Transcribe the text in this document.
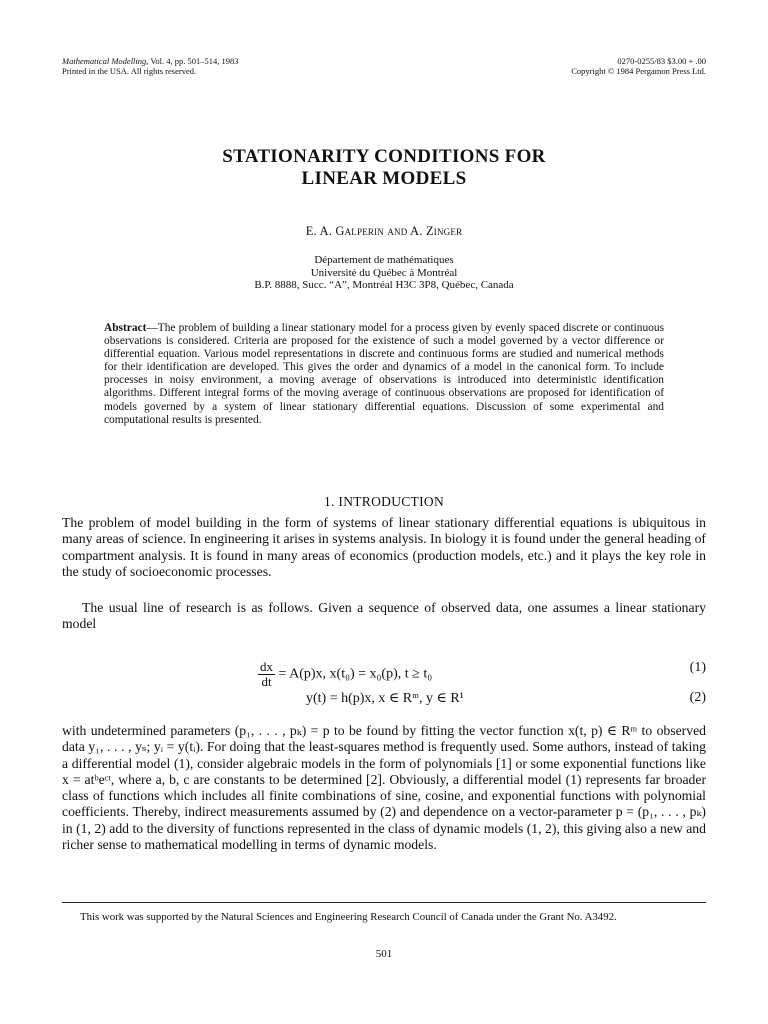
Mathematical Modelling, Vol. 4, pp. 501–514, 1983
Printed in the USA. All rights reserved.
0270-0255/83 $3.00 + .00
Copyright © 1984 Pergamon Press Ltd.
STATIONARITY CONDITIONS FOR
LINEAR MODELS
E. A. Galperin and A. Zinger
Département de mathématiques
Université du Québec à Montréal
B.P. 8888, Succ. “A”, Montréal H3C 3P8, Québec, Canada
Abstract—The problem of building a linear stationary model for a process given by evenly spaced discrete or continuous observations is considered. Criteria are proposed for the existence of such a model governed by a vector difference or differential equation. Various model representations in discrete and continuous forms are studied and numerical methods for their identification are developed. This gives the order and dynamics of a model in the canonical form. To include processes in noisy environment, a moving average of observations is introduced into deterministic identification algorithms. Different integral forms of the moving average of continuous observations are proposed for identification of models governed by a system of linear stationary differential equations. Discussion of some experimental and computational results is presented.
1. INTRODUCTION
The problem of model building in the form of systems of linear stationary differential equations is ubiquitous in many areas of science. In engineering it arises in systems analysis. In biology it is found under the general heading of compartment analysis. It is found in many areas of economics (production models, etc.) and it plays the key role in the study of socioeconomic processes.
The usual line of research is as follows. Given a sequence of observed data, one assumes a linear stationary model
$\frac{dx}{dt} = A(p)x$, x(t₀) = x₀(p), t ≥ t₀	(1)
y(t) = h(p)x, x ∈ Rᵐ, y ∈ R¹	(2)
with undetermined parameters (p₁, . . . , pₖ) = p to be found by fitting the vector function x(t, p) ∈ Rᵐ to observed data y₁, . . . , yₛ; yᵢ = y(tᵢ). For doing that the least-squares method is frequently used. Some authors, instead of taking a differential model (1), consider algebraic models in the form of polynomials [1] or some exponential functions like x = atᵇeᶜᵗ, where a, b, c are constants to be determined [2]. Obviously, a differential model (1) represents far broader class of functions which includes all finite combinations of sine, cosine, and exponential functions with polynomial coefficients. Thereby, indirect measurements assumed by (2) and dependence on a vector-parameter p = (p₁, . . . , pₖ) in (1, 2) add to the diversity of functions represented in the class of dynamic models (1, 2), this giving also a new and richer sense to mathematical modelling in terms of dynamic models.
This work was supported by the Natural Sciences and Engineering Research Council of Canada under the Grant No. A3492.
501
